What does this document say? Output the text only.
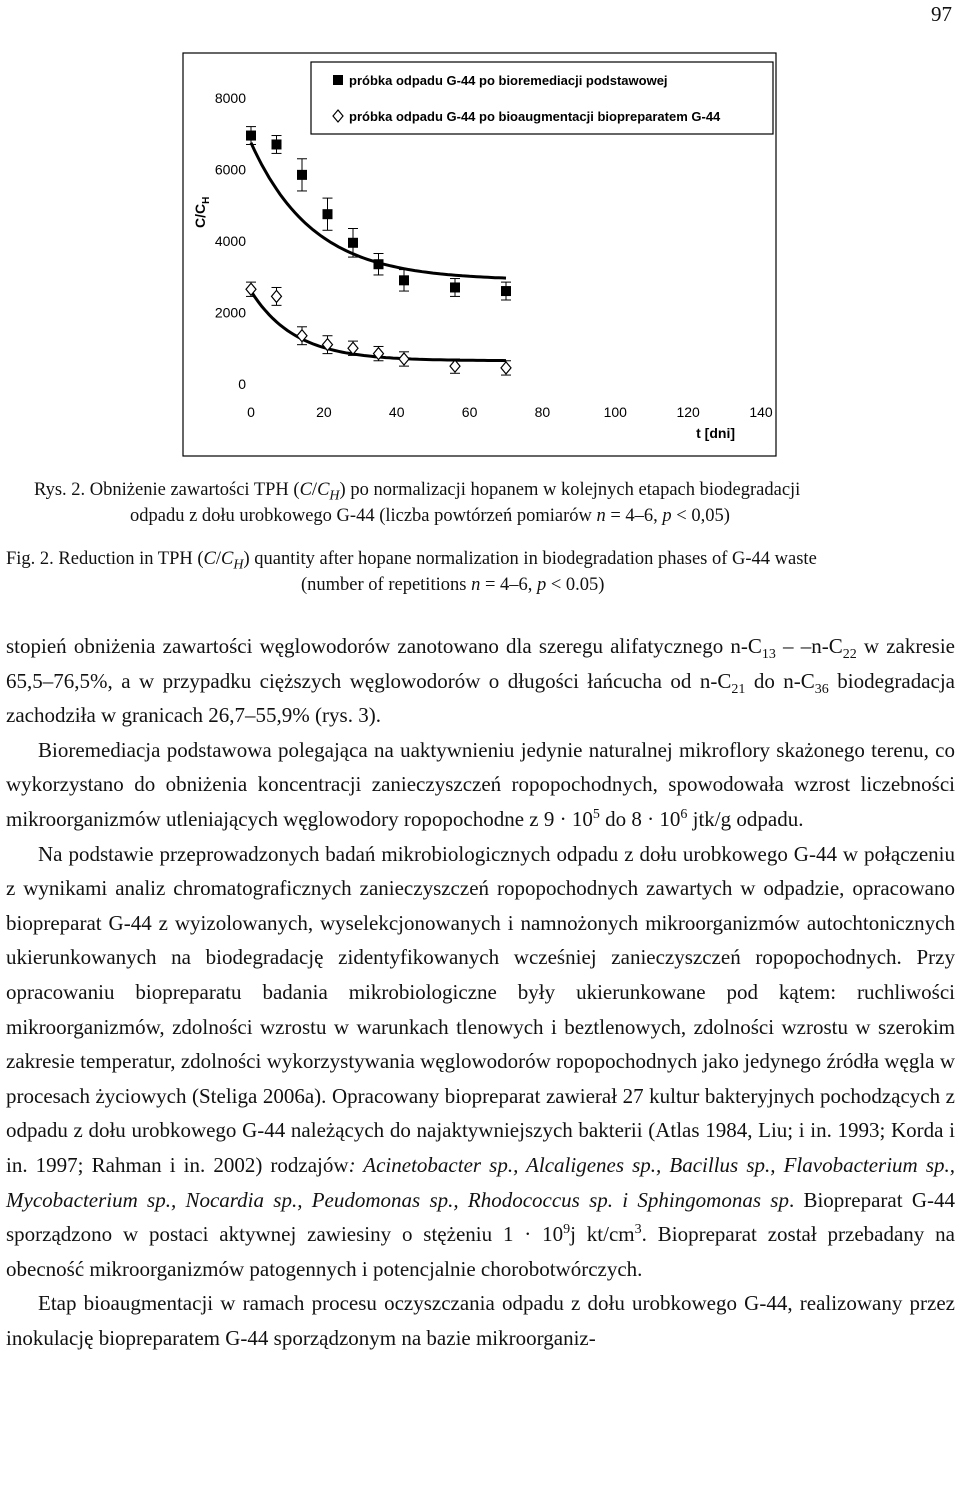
97
próbka odpadu G-44 po bioremediacji podstawowej
próbka odpadu G-44 po bioaugmentacji biopreparatem G-44
0
2000
4000
6000
8000
0	20	40	60	80	100	120	140
t [dni]
$C/C_H$
Rys. 2. Obniżenie zawartości TPH $(C/C_H)$ po normalizacji hopanem w kolejnych etapach biodegradacji
odpadu z dołu urobkowego G-44 (liczba powtórzeń pomiarów n = 4–6, p < 0,05)
Fig. 2. Reduction in TPH $(C/C_H)$ quantity after hopane normalization in biodegradation phases of G-44 waste
(number of repetitions n = 4–6, p < 0.05)

stopień obniżenia zawartości węglowodorów zanotowano dla szeregu alifatycznego $n-C_{13} - -n-C_{22}$ w zakresie 65,5–76,5%, a w przypadku cięższych węglowodorów o długości łańcucha od $n-C_{21}$ do $n-C_{36}$ biodegradacja zachodziła w granicach 26,7–55,9% (rys. 3).

Bioremediacja podstawowa polegająca na uaktywnieniu jedynie naturalnej mikroflory skażonego terenu, co wykorzystano do obniżenia koncentracji zanieczyszczeń ropopochodnych, spowodowała wzrost liczebności mikroorganizmów utleniających węglowodory ropopochodne z $9 \cdot 10^5$ do $8 \cdot 10^6$ jtk/g odpadu.

Na podstawie przeprowadzonych badań mikrobiologicznych odpadu z dołu urobkowego G-44 w połączeniu z wynikami analiz chromatograficznych zanieczyszczeń ropopochodnych zawartych w odpadzie, opracowano biopreparat G-44 z wyizolowanych, wyselekcjonowanych i namnożonych mikroorganizmów autochtonicznych ukierunkowanych na biodegradację zidentyfikowanych wcześniej zanieczyszczeń ropopochodnych. Przy opracowaniu biopreparatu badania mikrobiologiczne były ukierunkowane pod kątem: ruchliwości mikroorganizmów, zdolności wzrostu w warunkach tlenowych i beztlenowych, zdolności wzrostu w szerokim zakresie temperatur, zdolności wykorzystywania węglowodorów ropopochodnych jako jedynego źródła węgla w procesach życiowych (Steliga 2006a). Opracowany biopreparat zawierał 27 kultur bakteryjnych pochodzących z odpadu z dołu urobkowego G-44 należących do najaktywniejszych bakterii (Atlas 1984, Liu; i in. 1993; Korda i in. 1997; Rahman i in. 2002) rodzajów: Acinetobacter sp., Alcaligenes sp., Bacillus sp., Flavobacterium sp., Mycobacterium sp., Nocardia sp., Peudomonas sp., Rhodococcus sp. i Sphingomonas sp. Biopreparat G-44 sporządzono w postaci aktywnej zawiesiny o stężeniu $1 \cdot 10^9j$ $kt/cm^3$. Biopreparat został przebadany na obecność mikroorganizmów patogennych i potencjalnie chorobotwórczych.

Etap bioaugmentacji w ramach procesu oczyszczania odpadu z dołu urobkowego G-44, realizowany przez inokulację biopreparatem G-44 sporządzonym na bazie mikroorganiz-
